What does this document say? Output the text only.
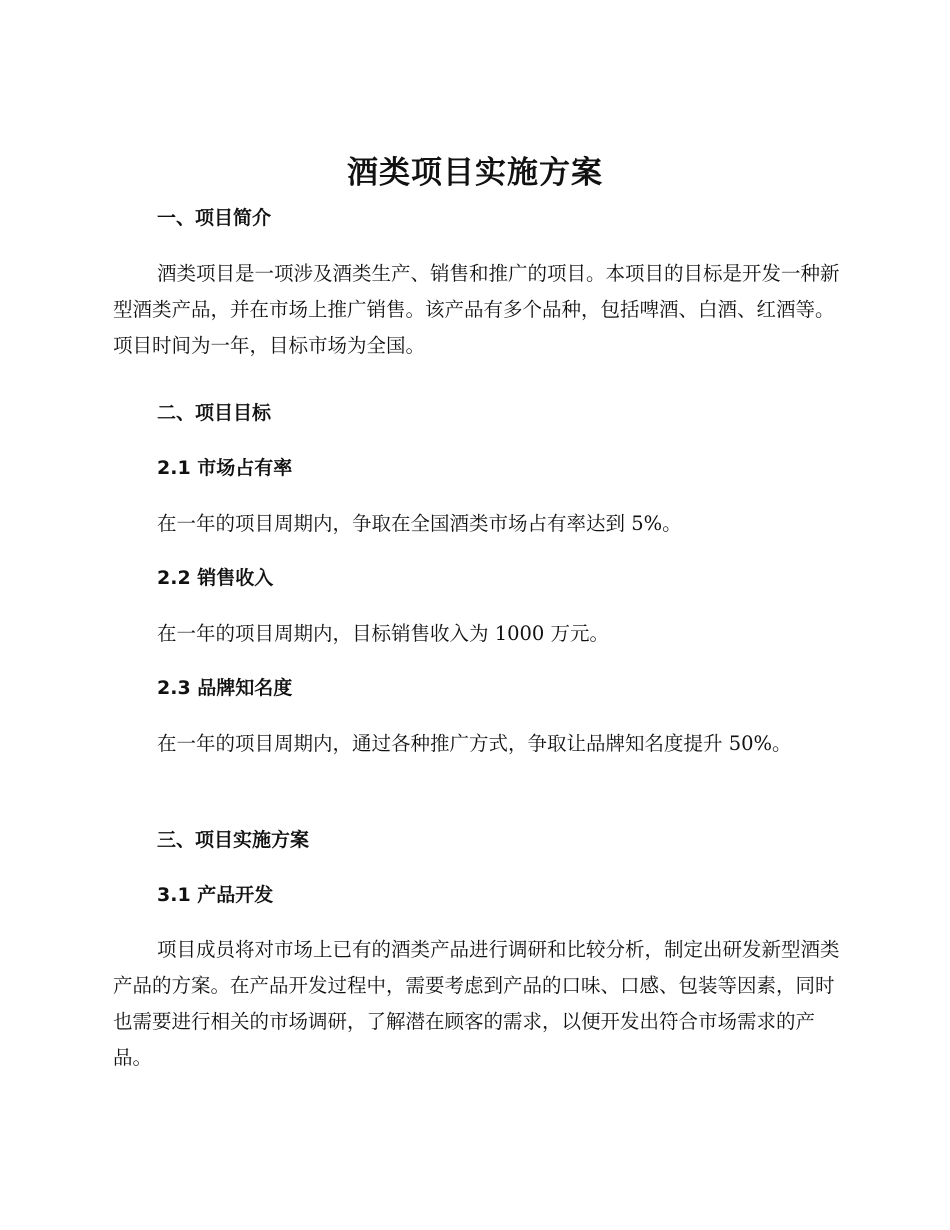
酒类项目实施方案
一、项目简介

酒类项目是一项涉及酒类生产、销售和推广的项目。本项目的目标是开发一种新型酒类产品，并在市场上推广销售。该产品有多个品种，包括啤酒、白酒、红酒等。项目时间为一年，目标市场为全国。

二、项目目标
2.1 市场占有率

在一年的项目周期内，争取在全国酒类市场占有率达到 5%。

2.2 销售收入

在一年的项目周期内，目标销售收入为 1000 万元。

2.3 品牌知名度

在一年的项目周期内，通过各种推广方式，争取让品牌知名度提升 50%。

三、项目实施方案
3.1 产品开发

项目成员将对市场上已有的酒类产品进行调研和比较分析，制定出研发新型酒类产品的方案。在产品开发过程中，需要考虑到产品的口味、口感、包装等因素，同时也需要进行相关的市场调研，了解潜在顾客的需求，以便开发出符合市场需求的产品。
